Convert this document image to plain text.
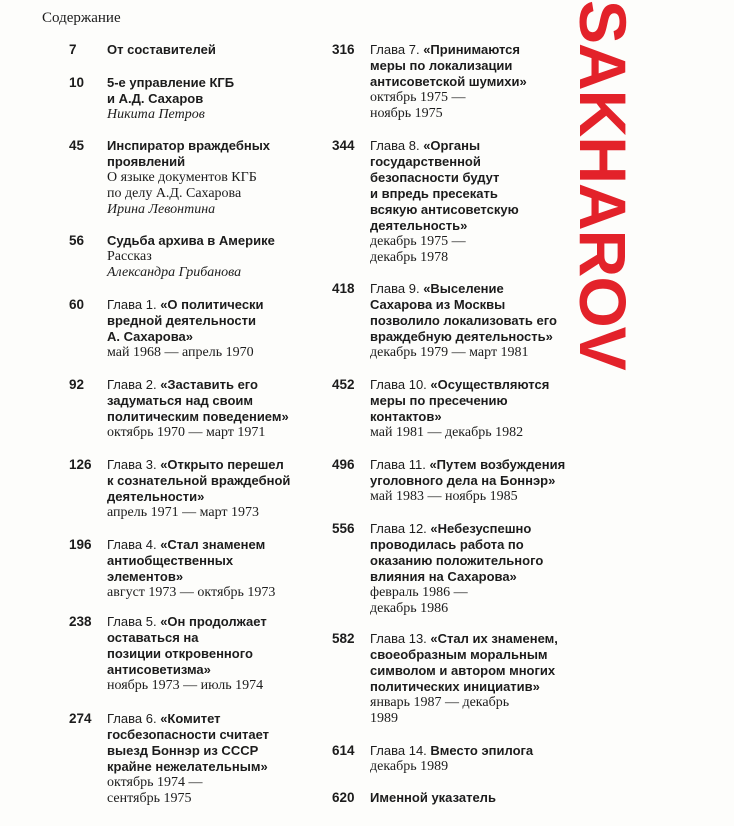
Содержание
7 От составителей
10 5-е управление КГБ
и А.Д. Сахаров
Никита Петров
45 Инспиратор враждебных
проявлений
О языке документов КГБ
по делу А.Д. Сахарова
Ирина Левонтина
56 Судьба архива в Америке
Рассказ
Александра Грибанова
60 Глава 1. «О политически
вредной деятельности
А. Сахарова»
май 1968 — апрель 1970
92 Глава 2. «Заставить его
задуматься над своим
политическим поведением»
октябрь 1970 — март 1971
126 Глава 3. «Открыто перешел
к сознательной враждебной
деятельности»
апрель 1971 — март 1973
196 Глава 4. «Стал знаменем
антиобщественных
элементов»
август 1973 — октябрь 1973
238 Глава 5. «Он продолжает
оставаться на
позиции откровенного
антисоветизма»
ноябрь 1973 — июль 1974
274 Глава 6. «Комитет
госбезопасности считает
выезд Боннэр из СССР
крайне нежелательным»
октябрь 1974 —
сентябрь 1975
316 Глава 7. «Принимаются
меры по локализации
антисоветской шумихи»
октябрь 1975 —
ноябрь 1975
344 Глава 8. «Органы
государственной
безопасности будут
и впредь пресекать
всякую антисоветскую
деятельность»
декабрь 1975 —
декабрь 1978
418 Глава 9. «Выселение
Сахарова из Москвы
позволило локализовать его
враждебную деятельность»
декабрь 1979 — март 1981
452 Глава 10. «Осуществляются
меры по пресечению
контактов»
май 1981 — декабрь 1982
496 Глава 11. «Путем возбуждения
уголовного дела на Боннэр»
май 1983 — ноябрь 1985
556 Глава 12. «Небезуспешно
проводилась работа по
оказанию положительного
влияния на Сахарова»
февраль 1986 —
декабрь 1986
582 Глава 13. «Стал их знаменем,
своеобразным моральным
символом и автором многих
политических инициатив»
январь 1987 — декабрь
1989
614 Глава 14. Вместо эпилога
декабрь 1989
620 Именной указатель
SAKHAROV
